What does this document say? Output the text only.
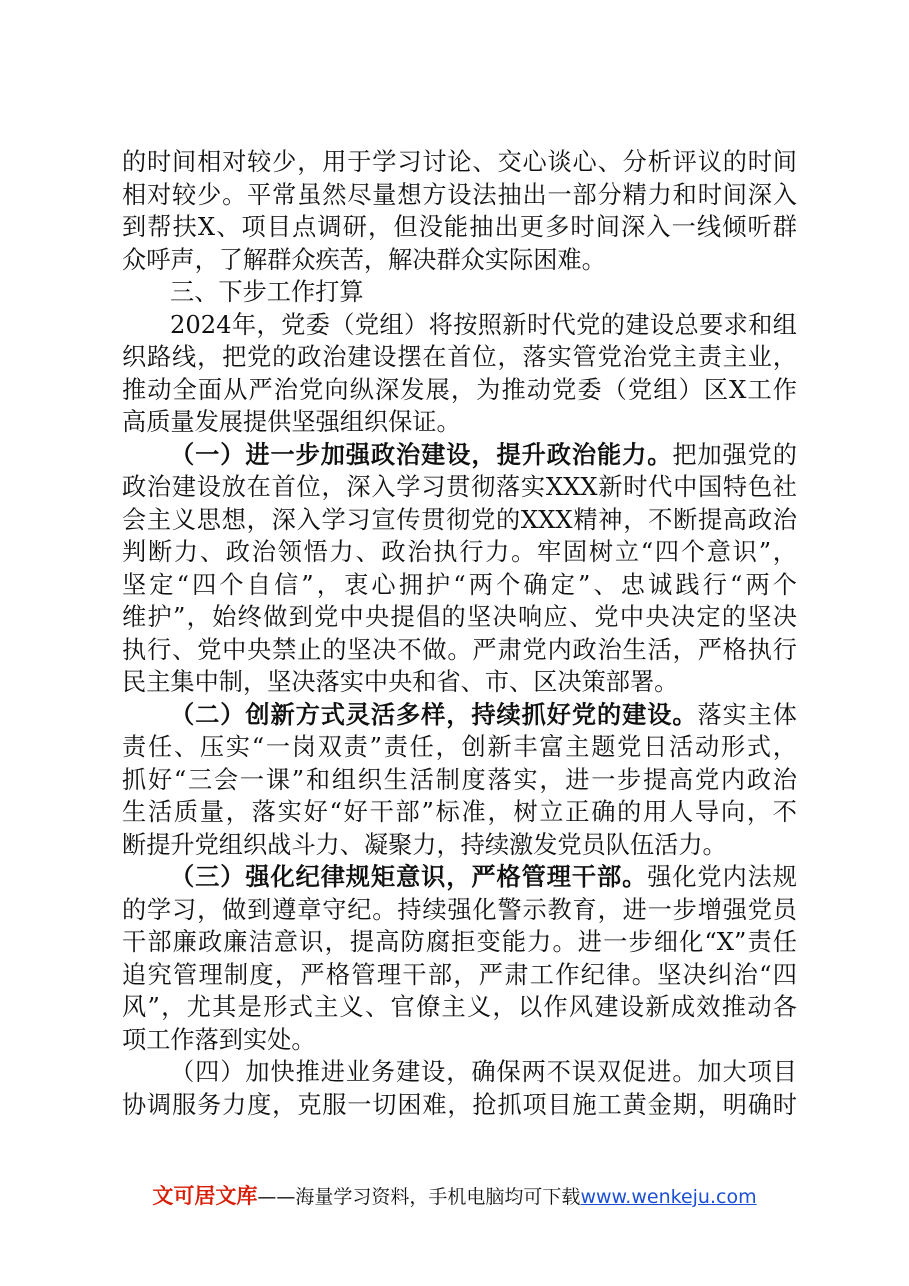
的时间相对较少，用于学习讨论、交心谈心、分析评议的时间
相对较少。平常虽然尽量想方设法抽出一部分精力和时间深入
到帮扶X、项目点调研，但没能抽出更多时间深入一线倾听群
众呼声，了解群众疾苦，解决群众实际困难。
三、下步工作打算
2024年，党委（党组）将按照新时代党的建设总要求和组
织路线，把党的政治建设摆在首位，落实管党治党主责主业，
推动全面从严治党向纵深发展，为推动党委（党组）区X工作
高质量发展提供坚强组织保证。
（一）进一步加强政治建设，提升政治能力。把加强党的
政治建设放在首位，深入学习贯彻落实XXX新时代中国特色社
会主义思想，深入学习宣传贯彻党的XXX精神，不断提高政治
判断力、政治领悟力、政治执行力。牢固树立“四个意识”，
坚定“四个自信”，衷心拥护“两个确定”、忠诚践行“两个
维护”，始终做到党中央提倡的坚决响应、党中央决定的坚决
执行、党中央禁止的坚决不做。严肃党内政治生活，严格执行
民主集中制，坚决落实中央和省、市、区决策部署。
（二）创新方式灵活多样，持续抓好党的建设。落实主体
责任、压实“一岗双责”责任，创新丰富主题党日活动形式，
抓好“三会一课”和组织生活制度落实，进一步提高党内政治
生活质量，落实好“好干部”标准，树立正确的用人导向，不
断提升党组织战斗力、凝聚力，持续激发党员队伍活力。
（三）强化纪律规矩意识，严格管理干部。强化党内法规
的学习，做到遵章守纪。持续强化警示教育，进一步增强党员
干部廉政廉洁意识，提高防腐拒变能力。进一步细化“X”责任
追究管理制度，严格管理干部，严肃工作纪律。坚决纠治“四
风”，尤其是形式主义、官僚主义，以作风建设新成效推动各
项工作落到实处。
（四）加快推进业务建设，确保两不误双促进。加大项目
协调服务力度，克服一切困难，抢抓项目施工黄金期，明确时
文可居文库——海量学习资料，手机电脑均可下载www.wenkeju.com
